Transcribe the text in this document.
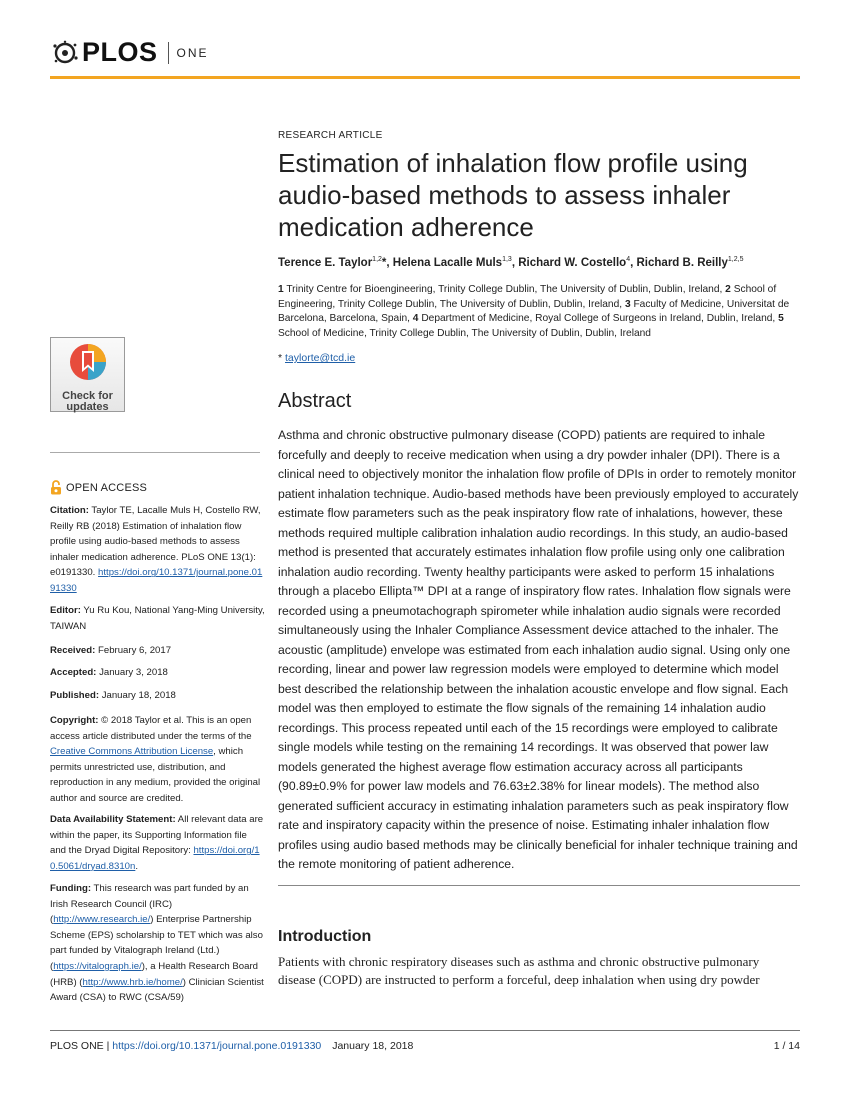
PLOS ONE
Check for
updates
OPEN ACCESS
Citation: Taylor TE, Lacalle Muls H, Costello RW, Reilly RB (2018) Estimation of inhalation flow profile using audio-based methods to assess inhaler medication adherence. PLoS ONE 13(1): e0191330. https://doi.org/10.1371/journal.pone.0191330
Editor: Yu Ru Kou, National Yang-Ming University, TAIWAN
Received: February 6, 2017
Accepted: January 3, 2018
Published: January 18, 2018
Copyright: © 2018 Taylor et al. This is an open access article distributed under the terms of the Creative Commons Attribution License, which permits unrestricted use, distribution, and reproduction in any medium, provided the original author and source are credited.
Data Availability Statement: All relevant data are within the paper, its Supporting Information file and the Dryad Digital Repository: https://doi.org/10.5061/dryad.8310n.
Funding: This research was part funded by an Irish Research Council (IRC) (http://www.research.ie/) Enterprise Partnership Scheme (EPS) scholarship to TET which was also part funded by Vitalograph Ireland (Ltd.) (https://vitalograph.ie/), a Health Research Board (HRB) (http://www.hrb.ie/home/) Clinician Scientist Award (CSA) to RWC (CSA/59)
RESEARCH ARTICLE
Estimation of inhalation flow profile using audio-based methods to assess inhaler medication adherence
Terence E. Taylor$^{1,2}$*, Helena Lacalle Muls$^{1,3}$, Richard W. Costello$^4$, Richard B. Reilly$^{1,2,5}$
1 Trinity Centre for Bioengineering, Trinity College Dublin, The University of Dublin, Dublin, Ireland, 2 School of Engineering, Trinity College Dublin, The University of Dublin, Dublin, Ireland, 3 Faculty of Medicine, Universitat de Barcelona, Barcelona, Spain, 4 Department of Medicine, Royal College of Surgeons in Ireland, Dublin, Ireland, 5 School of Medicine, Trinity College Dublin, The University of Dublin, Dublin, Ireland
* taylorte@tcd.ie
Abstract
Asthma and chronic obstructive pulmonary disease (COPD) patients are required to inhale forcefully and deeply to receive medication when using a dry powder inhaler (DPI). There is a clinical need to objectively monitor the inhalation flow profile of DPIs in order to remotely monitor patient inhalation technique. Audio-based methods have been previously employed to accurately estimate flow parameters such as the peak inspiratory flow rate of inhalations, however, these methods required multiple calibration inhalation audio recordings. In this study, an audio-based method is presented that accurately estimates inhalation flow profile using only one calibration inhalation audio recording. Twenty healthy participants were asked to perform 15 inhalations through a placebo Ellipta™ DPI at a range of inspiratory flow rates. Inhalation flow signals were recorded using a pneumotachograph spirometer while inhalation audio signals were recorded simultaneously using the Inhaler Compliance Assessment device attached to the inhaler. The acoustic (amplitude) envelope was estimated from each inhalation audio signal. Using only one recording, linear and power law regression models were employed to determine which model best described the relationship between the inhalation acoustic envelope and flow signal. Each model was then employed to estimate the flow signals of the remaining 14 inhalation audio recordings. This process repeated until each of the 15 recordings were employed to calibrate single models while testing on the remaining 14 recordings. It was observed that power law models generated the highest average flow estimation accuracy across all participants (90.89±0.9% for power law models and 76.63±2.38% for linear models). The method also generated sufficient accuracy in estimating inhalation parameters such as peak inspiratory flow rate and inspiratory capacity within the presence of noise. Estimating inhaler inhalation flow profiles using audio based methods may be clinically beneficial for inhaler technique training and the remote monitoring of patient adherence.
Introduction
Patients with chronic respiratory diseases such as asthma and chronic obstructive pulmonary disease (COPD) are instructed to perform a forceful, deep inhalation when using dry powder
PLOS ONE | https://doi.org/10.1371/journal.pone.0191330 January 18, 2018	1 / 14
